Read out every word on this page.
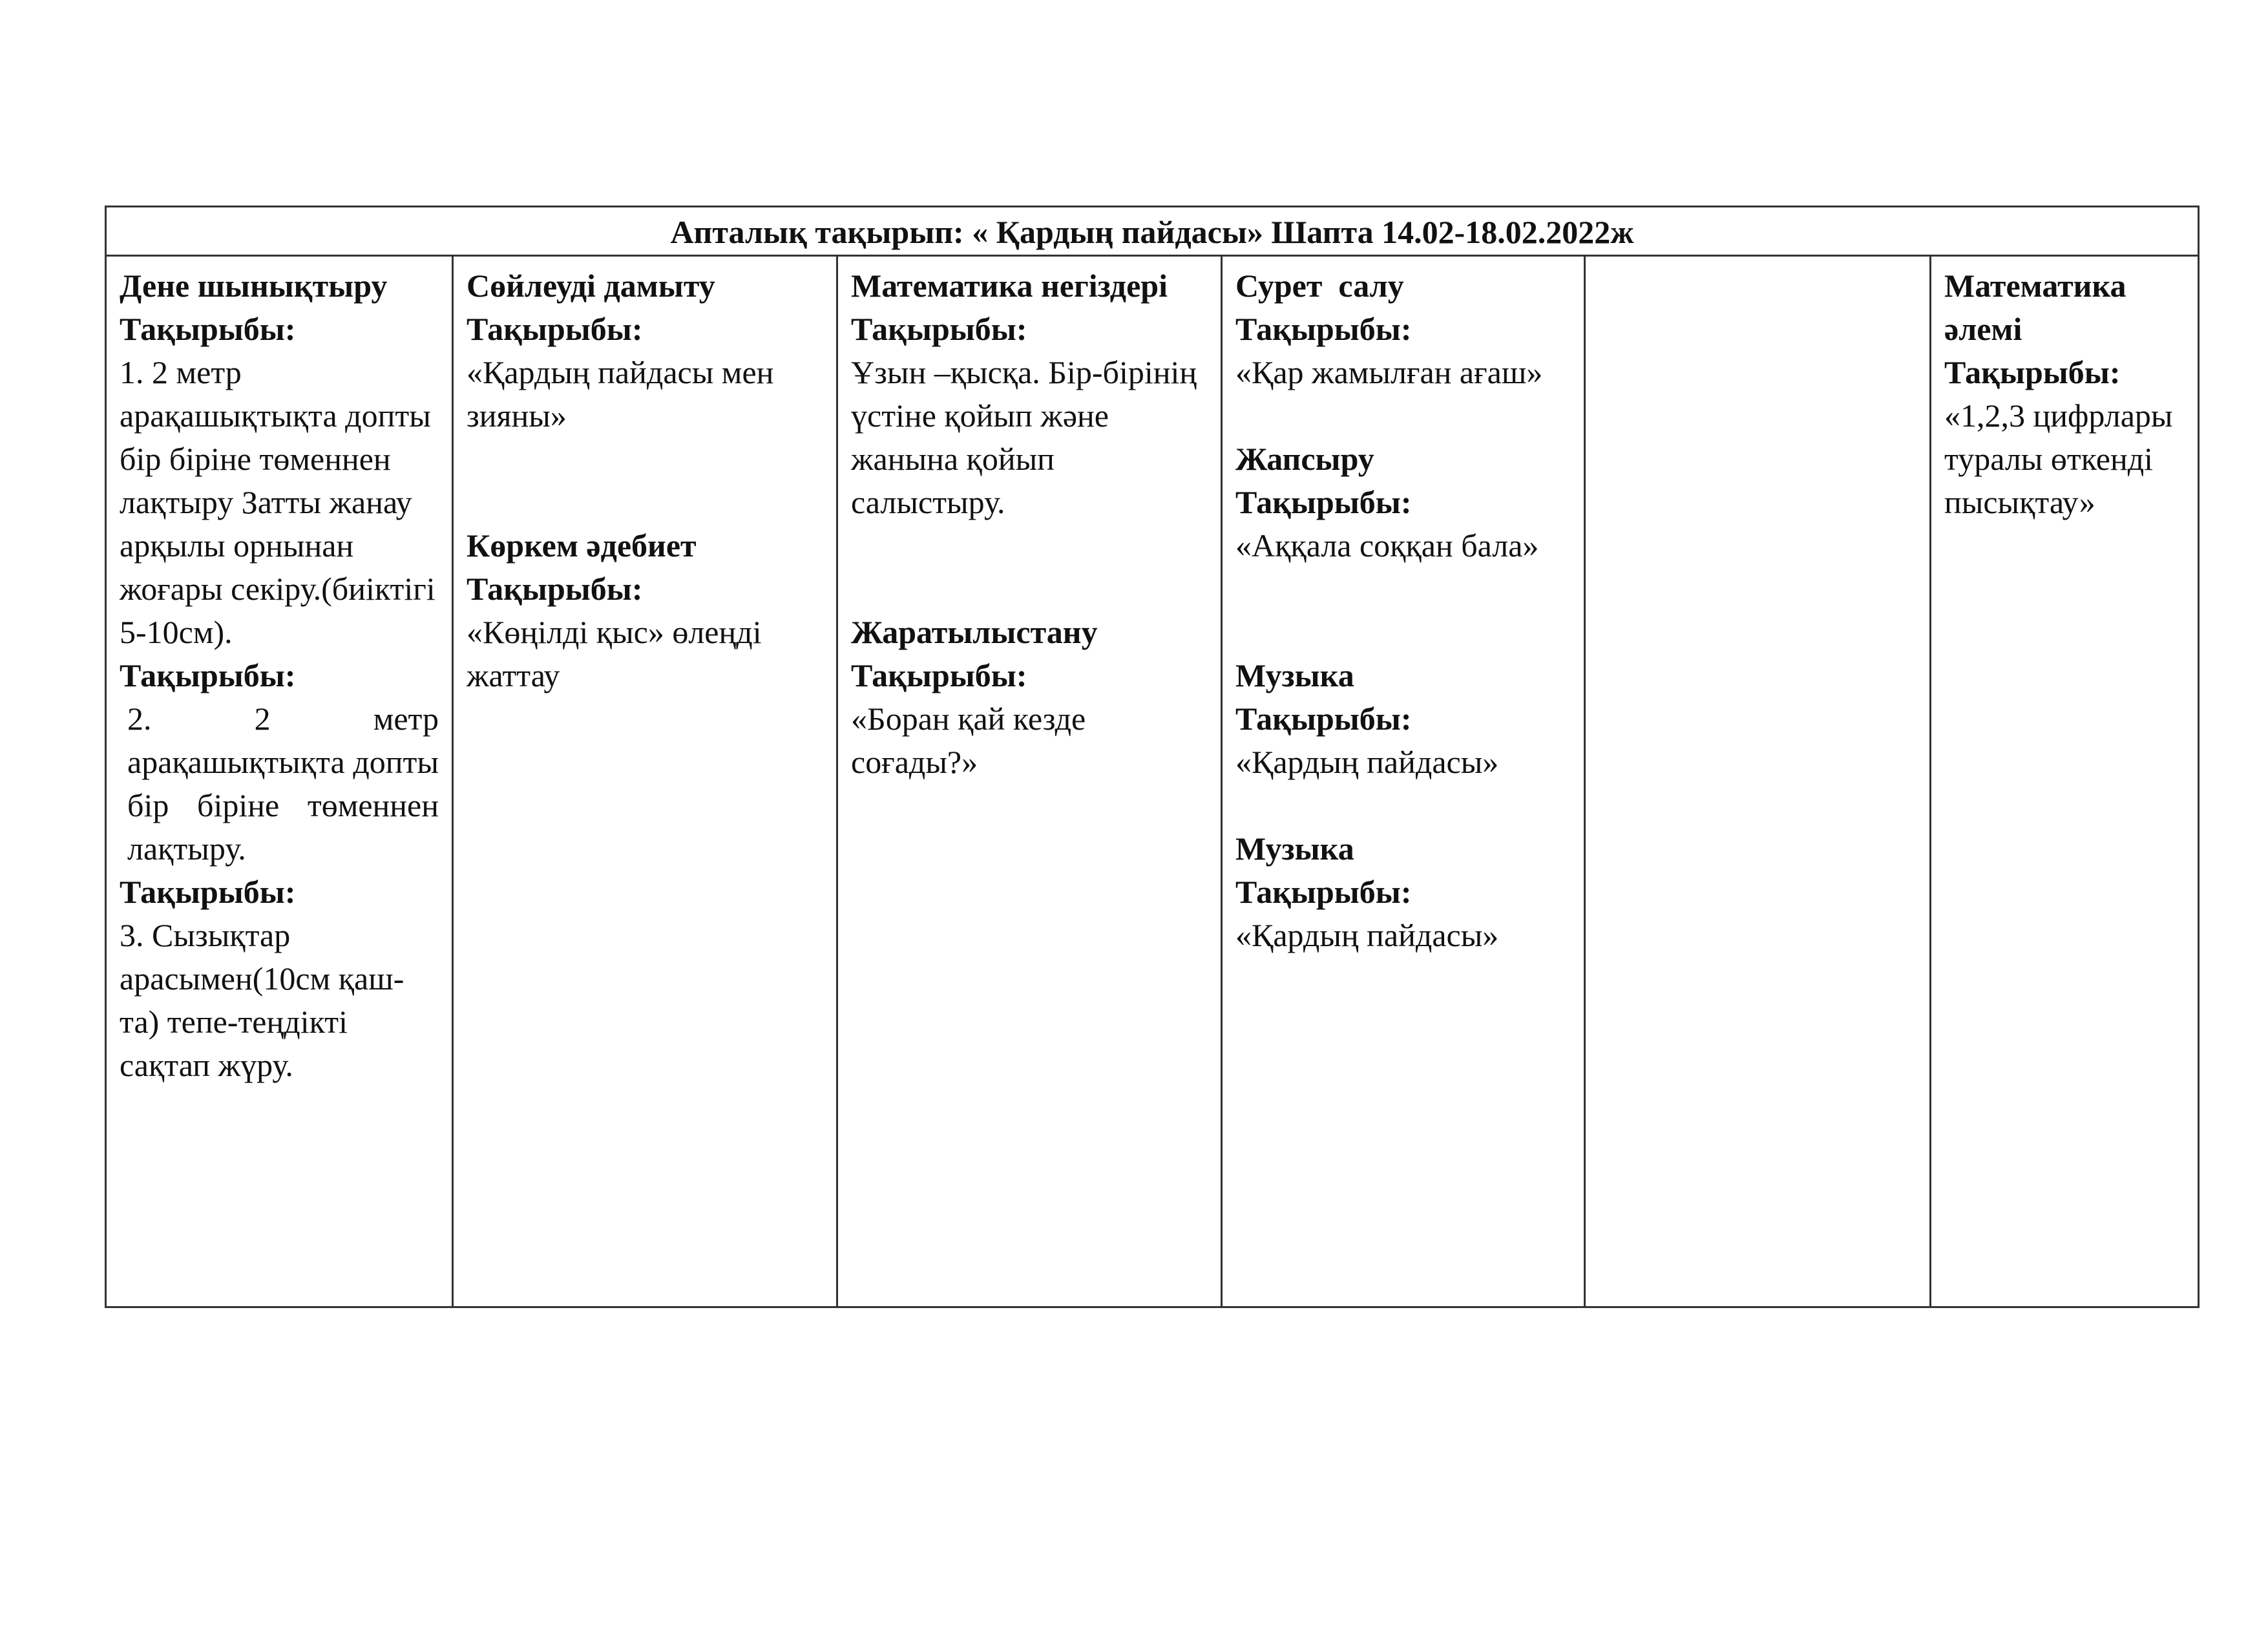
Апталық тақырып: « Қардың пайдасы» Шапта 14.02-18.02.2022ж
Дене шынықтыру
Тақырыбы:
1. 2 метр арақашықтықта допты бір біріне төменнен лақтыру Затты жанау арқылы орнынан жоғары секіру.(биіктігі 5-10см).
Тақырыбы:
2.        2        метр
арақашықтықта допты бір біріне төменнен лақтыру.
Тақырыбы:
3. Сызықтар арасымен(10см қаш-та) тепе-теңдікті сақтап жүру.
Сөйлеуді дамыту
Тақырыбы:
«Қардың пайдасы мен зияны»
Көркем әдебиет
Тақырыбы:
«Көңілді қыс» өлеңді жаттау
Математика негіздері
Тақырыбы:
Ұзын –қысқа. Бір-бірінің үстіне қойып және жанына қойып салыстыру.
Жаратылыстану
Тақырыбы:
«Боран қай кезде соғады?»
Сурет  салу
Тақырыбы:
«Қар жамылған ағаш»
Жапсыру
Тақырыбы:
«Аққала соққан бала»
Музыка
Тақырыбы:
«Қардың пайдасы»
Музыка
Тақырыбы:
«Қардың пайдасы»
Математика әлемі
Тақырыбы:
«1,2,3 цифрлары туралы өткенді пысықтау»
